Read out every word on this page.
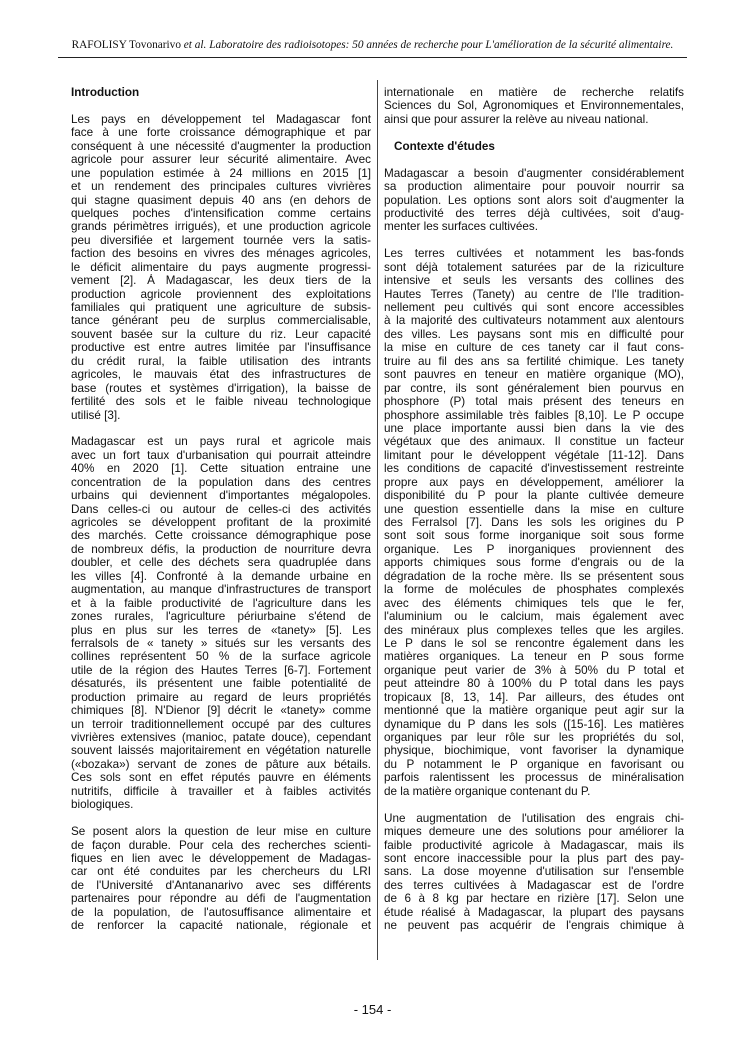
RAFOLISY Tovonarivo et al. Laboratoire des radioisotopes: 50 années de recherche pour L'amélioration de la sécurité alimentaire.
Introduction
Les pays en développement tel Madagascar font
face à une forte croissance démographique et par
conséquent à une nécessité d'augmenter la production
agricole pour assurer leur sécurité alimentaire. Avec
une population estimée à 24 millions en 2015 [1]
et un rendement des principales cultures vivrières
qui stagne quasiment depuis 40 ans (en dehors de
quelques poches d'intensification comme certains
grands périmètres irrigués), et une production agricole
peu diversifiée et largement tournée vers la satis-
faction des besoins en vivres des ménages agricoles,
le déficit alimentaire du pays augmente progressi-
vement [2]. À Madagascar, les deux tiers de la
production agricole proviennent des exploitations
familiales qui pratiquent une agriculture de subsis-
tance générant peu de surplus commercialisable,
souvent basée sur la culture du riz. Leur capacité
productive est entre autres limitée par l'insuffisance
du crédit rural, la faible utilisation des intrants
agricoles, le mauvais état des infrastructures de
base (routes et systèmes d'irrigation), la baisse de
fertilité des sols et le faible niveau technologique
utilisé [3].
Madagascar est un pays rural et agricole mais
avec un fort taux d'urbanisation qui pourrait atteindre
40% en 2020 [1]. Cette situation entraine une
concentration de la population dans des centres
urbains qui deviennent d'importantes mégalopoles.
Dans celles-ci ou autour de celles-ci des activités
agricoles se développent profitant de la proximité
des marchés. Cette croissance démographique pose
de nombreux défis, la production de nourriture devra
doubler, et celle des déchets sera quadruplée dans
les villes [4]. Confronté à la demande urbaine en
augmentation, au manque d'infrastructures de transport
et à la faible productivité de l'agriculture dans les
zones rurales, l'agriculture périurbaine s'étend de
plus en plus sur les terres de «tanety» [5]. Les
ferralsols de « tanety » situés sur les versants des
collines représentent 50 % de la surface agricole
utile de la région des Hautes Terres [6-7]. Fortement
désaturés, ils présentent une faible potentialité de
production primaire au regard de leurs propriétés
chimiques [8]. N'Dienor [9] décrit le «tanety» comme
un terroir traditionnellement occupé par des cultures
vivrières extensives (manioc, patate douce), cependant
souvent laissés majoritairement en végétation naturelle
(«bozaka») servant de zones de pâture aux bétails.
Ces sols sont en effet réputés pauvre en éléments
nutritifs, difficile à travailler et à faibles activités
biologiques.
Se posent alors la question de leur mise en culture
de façon durable. Pour cela des recherches scienti-
fiques en lien avec le développement de Madagas-
car ont été conduites par les chercheurs du LRI
de l'Université d'Antananarivo avec ses différents
partenaires pour répondre au défi de l'augmentation
de la population, de l'autosuffisance alimentaire et
de renforcer la capacité nationale, régionale et
internationale en matière de recherche relatifs
Sciences du Sol, Agronomiques et Environnementales,
ainsi que pour assurer la relève au niveau national.
Contexte d'études
Madagascar a besoin d'augmenter considérablement
sa production alimentaire pour pouvoir nourrir sa
population. Les options sont alors soit d'augmenter la
productivité des terres déjà cultivées, soit d'aug-
menter les surfaces cultivées.
Les terres cultivées et notamment les bas-fonds
sont déjà totalement saturées par de la riziculture
intensive et seuls les versants des collines des
Hautes Terres (Tanety) au centre de l'Ile tradition-
nellement peu cultivés qui sont encore accessibles
à la majorité des cultivateurs notamment aux alentours
des villes. Les paysans sont mis en difficulté pour
la mise en culture de ces tanety car il faut cons-
truire au fil des ans sa fertilité chimique. Les tanety
sont pauvres en teneur en matière organique (MO),
par contre, ils sont généralement bien pourvus en
phosphore (P) total mais présent des teneurs en
phosphore assimilable très faibles [8,10]. Le P occupe
une place importante aussi bien dans la vie des
végétaux que des animaux. Il constitue un facteur
limitant pour le développent végétale [11-12]. Dans
les conditions de capacité d'investissement restreinte
propre aux pays en développement, améliorer la
disponibilité du P pour la plante cultivée demeure
une question essentielle dans la mise en culture
des Ferralsol [7]. Dans les sols les origines du P
sont soit sous forme inorganique soit sous forme
organique. Les P inorganiques proviennent des
apports chimiques sous forme d'engrais ou de la
dégradation de la roche mère. Ils se présentent sous
la forme de molécules de phosphates complexés
avec des éléments chimiques tels que le fer,
l'aluminium ou le calcium, mais également avec
des minéraux plus complexes telles que les argiles.
Le P dans le sol se rencontre également dans les
matières organiques. La teneur en P sous forme
organique peut varier de 3% à 50% du P total et
peut atteindre 80 à 100% du P total dans les pays
tropicaux [8, 13, 14]. Par ailleurs, des études ont
mentionné que la matière organique peut agir sur la
dynamique du P dans les sols ([15-16]. Les matières
organiques par leur rôle sur les propriétés du sol,
physique, biochimique, vont favoriser la dynamique
du P notamment le P organique en favorisant ou
parfois ralentissent les processus de minéralisation
de la matière organique contenant du P.
Une augmentation de l'utilisation des engrais chi-
miques demeure une des solutions pour améliorer la
faible productivité agricole à Madagascar, mais ils
sont encore inaccessible pour la plus part des pay-
sans. La dose moyenne d'utilisation sur l'ensemble
des terres cultivées à Madagascar est de l'ordre
de 6 à 8 kg par hectare en rizière [17]. Selon une
étude réalisé à Madagascar, la plupart des paysans
ne peuvent pas acquérir de l'engrais chimique à
- 154 -
